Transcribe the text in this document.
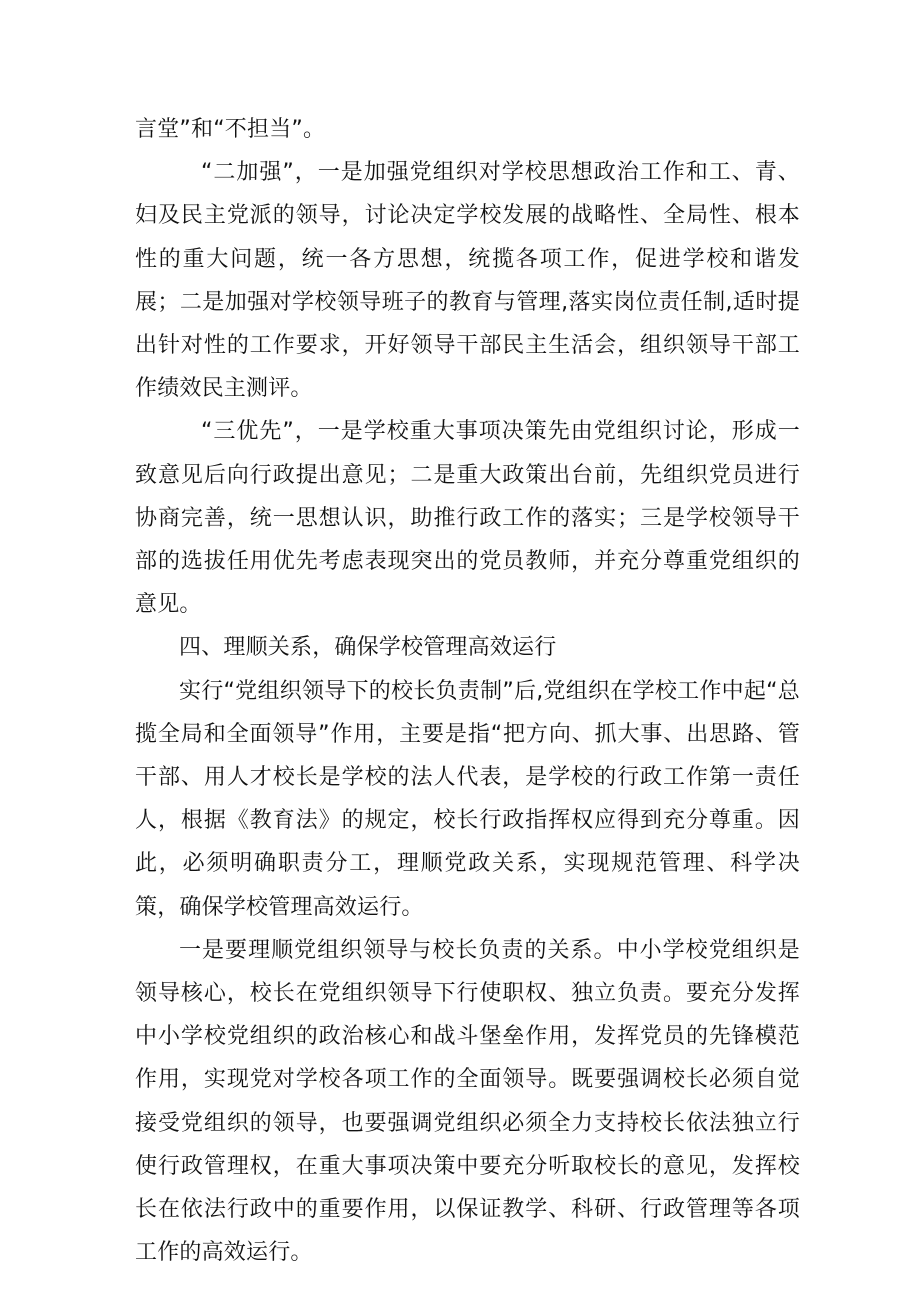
言堂”和“不担当”。

“二加强”，一是加强党组织对学校思想政治工作和工、青、妇及民主党派的领导，讨论决定学校发展的战略性、全局性、根本性的重大问题，统一各方思想，统揽各项工作，促进学校和谐发展；二是加强对学校领导班子的教育与管理,落实岗位责任制,适时提出针对性的工作要求，开好领导干部民主生活会，组织领导干部工作绩效民主测评。

“三优先”，一是学校重大事项决策先由党组织讨论，形成一致意见后向行政提出意见；二是重大政策出台前，先组织党员进行协商完善，统一思想认识，助推行政工作的落实；三是学校领导干部的选拔任用优先考虑表现突出的党员教师，并充分尊重党组织的意见。

四、理顺关系，确保学校管理高效运行

实行“党组织领导下的校长负责制”后,党组织在学校工作中起“总揽全局和全面领导”作用，主要是指“把方向、抓大事、出思路、管干部、用人才校长是学校的法人代表，是学校的行政工作第一责任人，根据《教育法》的规定，校长行政指挥权应得到充分尊重。因此，必须明确职责分工，理顺党政关系，实现规范管理、科学决策，确保学校管理高效运行。

一是要理顺党组织领导与校长负责的关系。中小学校党组织是领导核心，校长在党组织领导下行使职权、独立负责。要充分发挥中小学校党组织的政治核心和战斗堡垒作用，发挥党员的先锋模范作用，实现党对学校各项工作的全面领导。既要强调校长必须自觉接受党组织的领导，也要强调党组织必须全力支持校长依法独立行使行政管理权，在重大事项决策中要充分听取校长的意见，发挥校长在依法行政中的重要作用，以保证教学、科研、行政管理等各项工作的高效运行。
